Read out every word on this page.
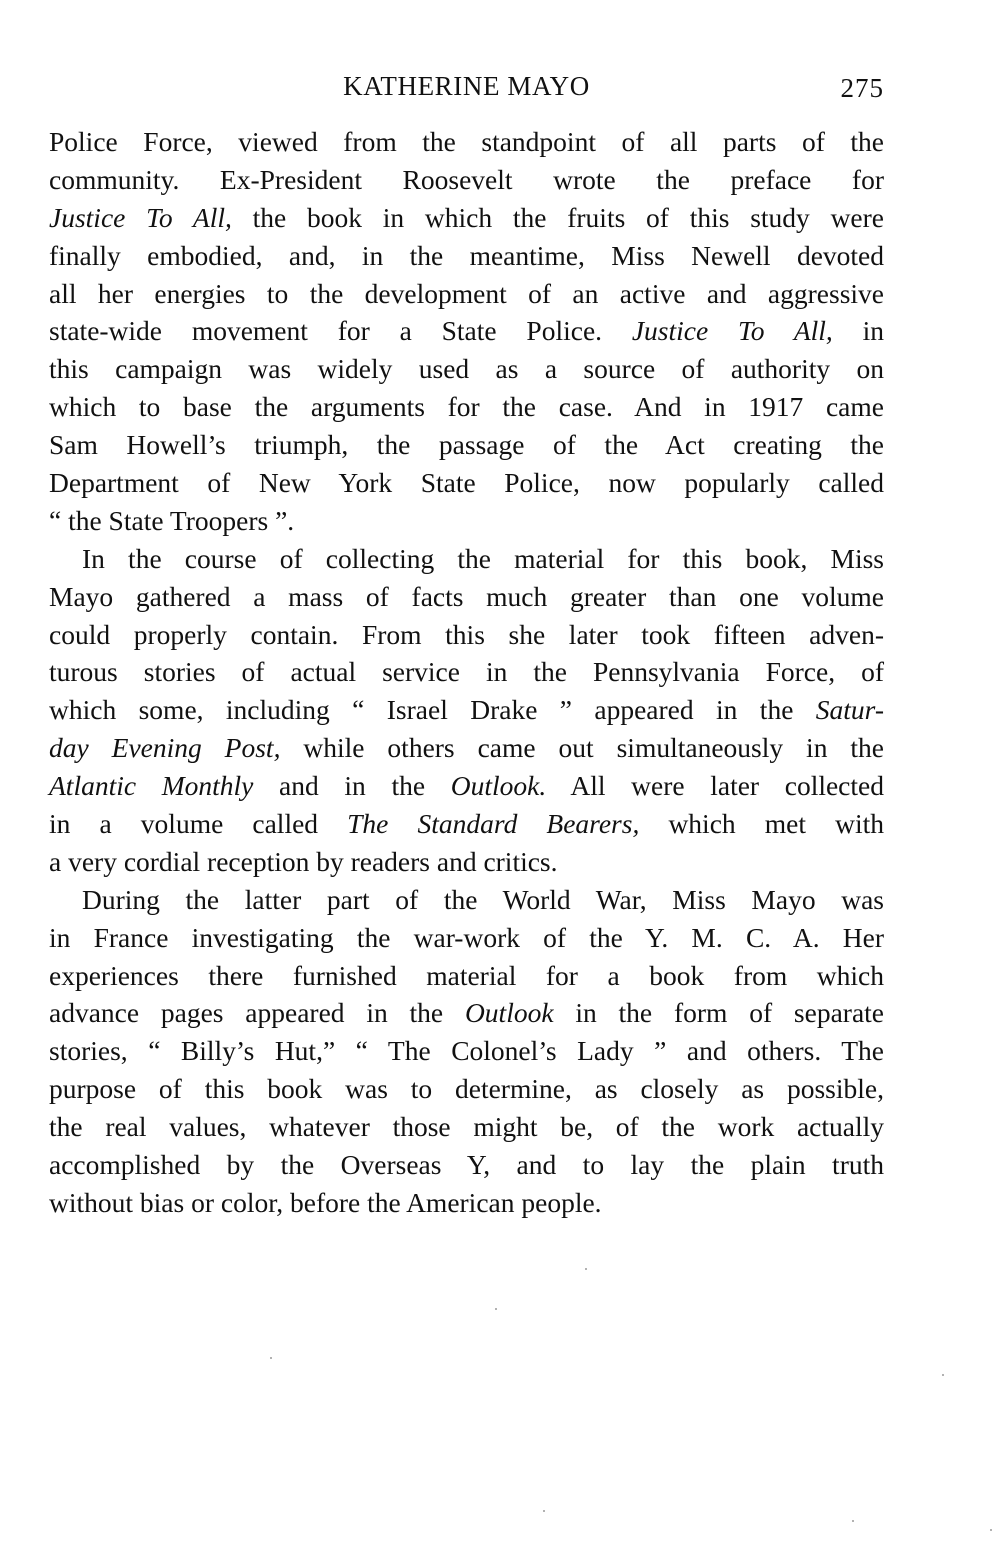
KATHERINE MAYO	275
Police Force, viewed from the standpoint of all parts of the
community. Ex-President Roosevelt wrote the preface for
Justice To All, the book in which the fruits of this study were
finally embodied, and, in the meantime, Miss Newell devoted
all her energies to the development of an active and aggressive
state-wide movement for a State Police. Justice To All, in
this campaign was widely used as a source of authority on
which to base the arguments for the case. And in 1917 came
Sam Howell’s triumph, the passage of the Act creating the
Department of New York State Police, now popularly called
“ the State Troopers ”.
In the course of collecting the material for this book, Miss
Mayo gathered a mass of facts much greater than one volume
could properly contain. From this she later took fifteen adven-
turous stories of actual service in the Pennsylvania Force, of
which some, including “ Israel Drake ” appeared in the Satur-
day Evening Post, while others came out simultaneously in the
Atlantic Monthly and in the Outlook. All were later collected
in a volume called The Standard Bearers, which met with
a very cordial reception by readers and critics.
During the latter part of the World War, Miss Mayo was
in France investigating the war-work of the Y. M. C. A. Her
experiences there furnished material for a book from which
advance pages appeared in the Outlook in the form of separate
stories, “ Billy’s Hut,” “ The Colonel’s Lady ” and others. The
purpose of this book was to determine, as closely as possible,
the real values, whatever those might be, of the work actually
accomplished by the Overseas Y, and to lay the plain truth
without bias or color, before the American people.
